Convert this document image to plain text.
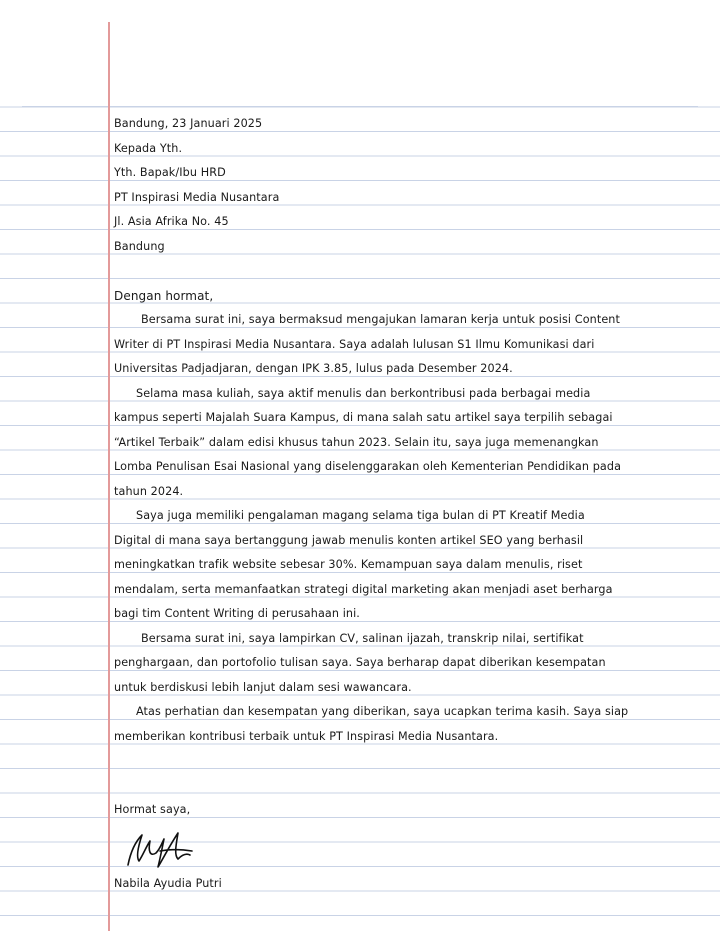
Bandung, 23 Januari 2025
Kepada Yth.
Yth. Bapak/Ibu HRD
PT Inspirasi Media Nusantara
Jl. Asia Afrika No. 45
Bandung
Dengan hormat,
Bersama surat ini, saya bermaksud mengajukan lamaran kerja untuk posisi Content
Writer di PT Inspirasi Media Nusantara. Saya adalah lulusan S1 Ilmu Komunikasi dari
Universitas Padjadjaran, dengan IPK 3.85, lulus pada Desember 2024.
Selama masa kuliah, saya aktif menulis dan berkontribusi pada berbagai media
kampus seperti Majalah Suara Kampus, di mana salah satu artikel saya terpilih sebagai
“Artikel Terbaik” dalam edisi khusus tahun 2023. Selain itu, saya juga memenangkan
Lomba Penulisan Esai Nasional yang diselenggarakan oleh Kementerian Pendidikan pada
tahun 2024.
Saya juga memiliki pengalaman magang selama tiga bulan di PT Kreatif Media
Digital di mana saya bertanggung jawab menulis konten artikel SEO yang berhasil
meningkatkan trafik website sebesar 30%. Kemampuan saya dalam menulis, riset
mendalam, serta memanfaatkan strategi digital marketing akan menjadi aset berharga
bagi tim Content Writing di perusahaan ini.
Bersama surat ini, saya lampirkan CV, salinan ijazah, transkrip nilai, sertifikat
penghargaan, dan portofolio tulisan saya. Saya berharap dapat diberikan kesempatan
untuk berdiskusi lebih lanjut dalam sesi wawancara.
Atas perhatian dan kesempatan yang diberikan, saya ucapkan terima kasih. Saya siap
memberikan kontribusi terbaik untuk PT Inspirasi Media Nusantara.
Hormat saya,
Nabila Ayudia Putri
